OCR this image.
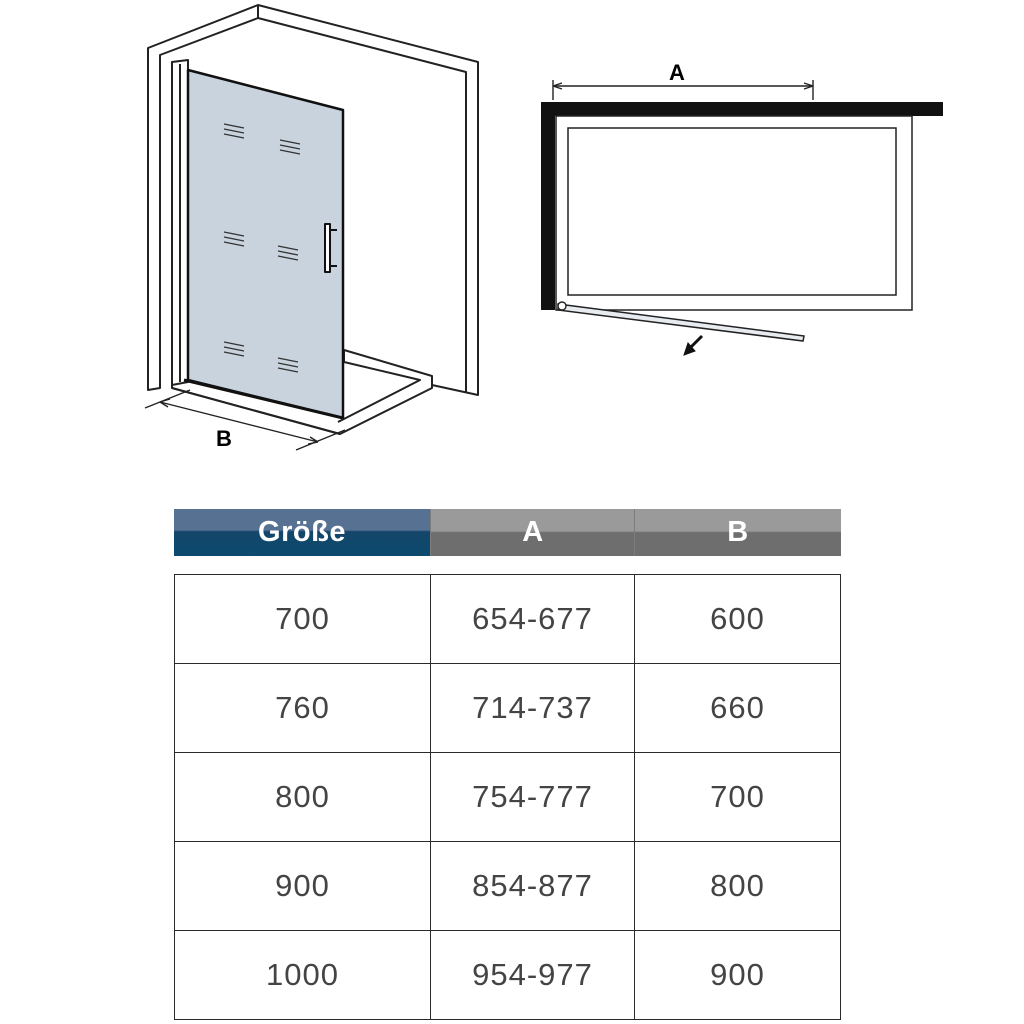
B
A
Größe	A	B
700	654-677	600
760	714-737	660
800	754-777	700
900	854-877	800
1000	954-977	900
